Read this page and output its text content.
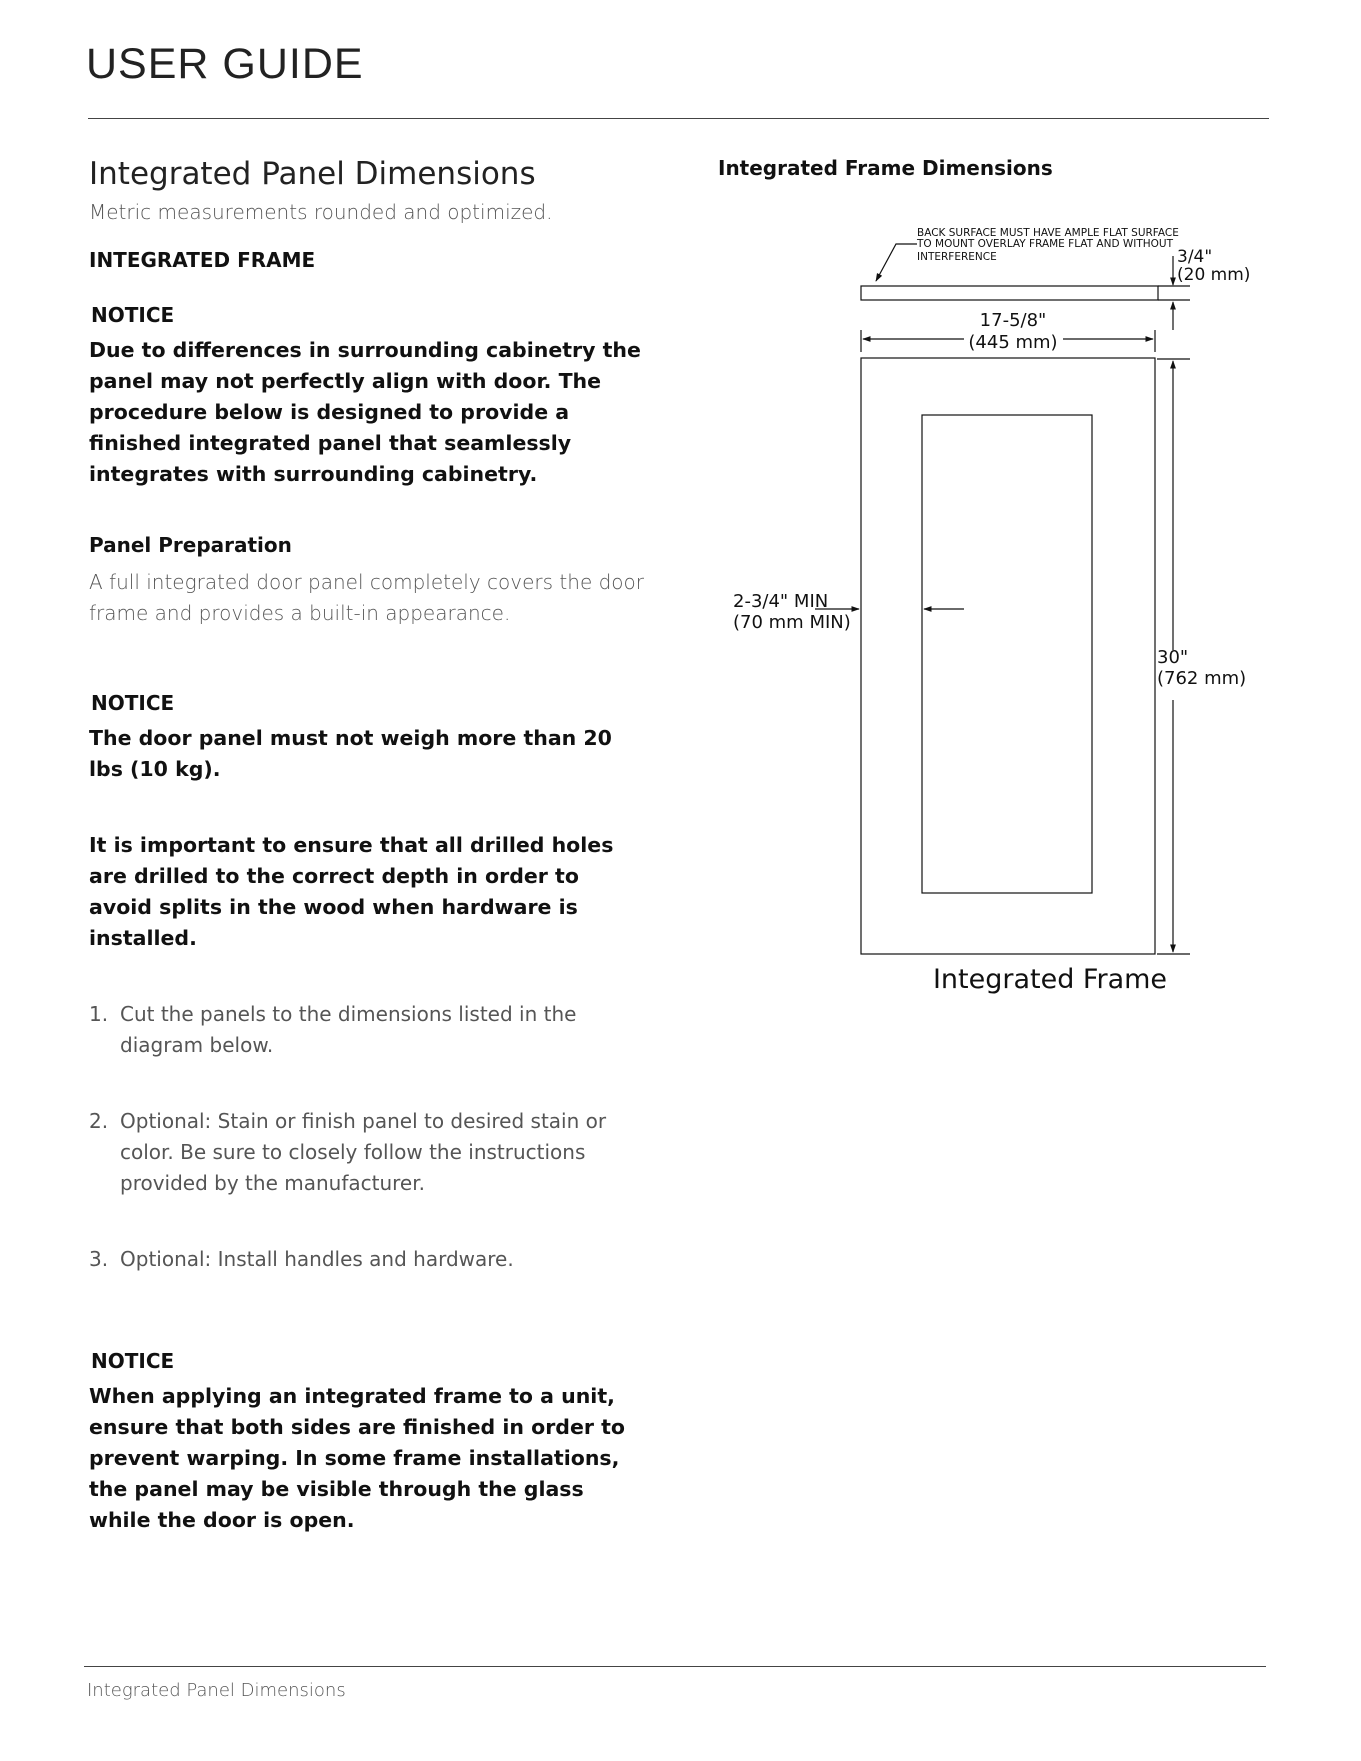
USER GUIDE
Integrated Panel Dimensions
Metric measurements rounded and optimized.
INTEGRATED FRAME
NOTICE
Due to differences in surrounding cabinetry the panel may not perfectly align with door. The procedure below is designed to provide a finished integrated panel that seamlessly integrates with surrounding cabinetry.
Panel Preparation
A full integrated door panel completely covers the door frame and provides a built-in appearance.
NOTICE
The door panel must not weigh more than 20 lbs (10 kg).
It is important to ensure that all drilled holes are drilled to the correct depth in order to avoid splits in the wood when hardware is installed.
1. Cut the panels to the dimensions listed in the diagram below.
2. Optional: Stain or finish panel to desired stain or color. Be sure to closely follow the instructions provided by the manufacturer.
3. Optional: Install handles and hardware.
NOTICE
When applying an integrated frame to a unit, ensure that both sides are finished in order to prevent warping. In some frame installations, the panel may be visible through the glass while the door is open.
Integrated Frame Dimensions
BACK SURFACE MUST HAVE AMPLE FLAT SURFACE
TO MOUNT OVERLAY FRAME FLAT AND WITHOUT
INTERFERENCE	3/4"
(20 mm)
17-5/8"
(445 mm)
2-3/4" MIN
(70 mm MIN)
30"
(762 mm)
Integrated Frame
Integrated Panel Dimensions
